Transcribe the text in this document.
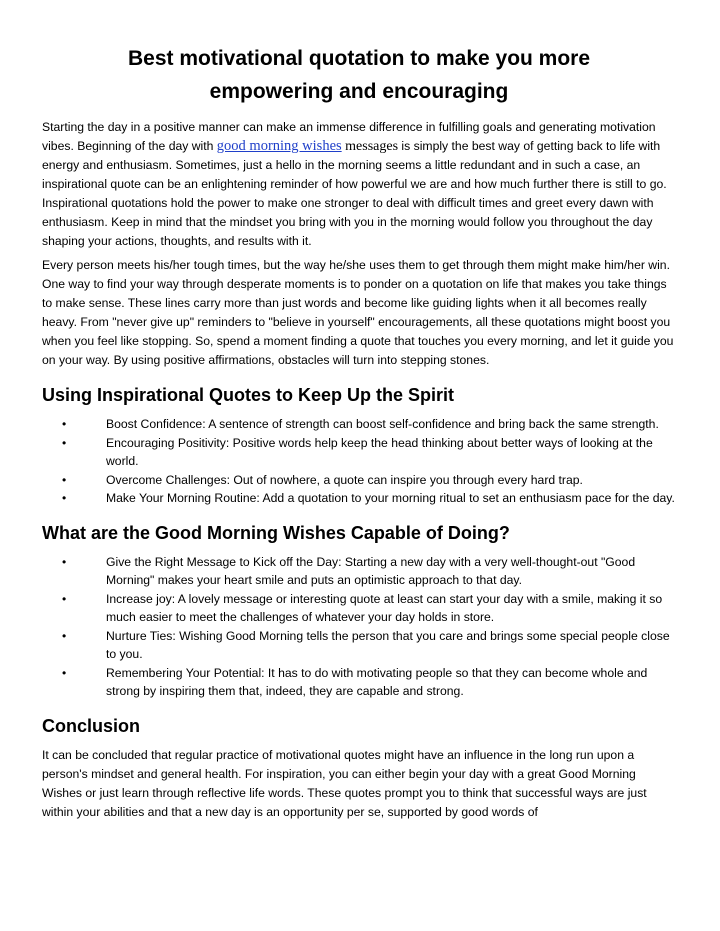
Best motivational quotation to make you more empowering and encouraging

Starting the day in a positive manner can make an immense difference in fulfilling goals and generating motivation vibes. Beginning of the day with good morning wishes messages is simply the best way of getting back to life with energy and enthusiasm. Sometimes, just a hello in the morning seems a little redundant and in such a case, an inspirational quote can be an enlightening reminder of how powerful we are and how much further there is still to go. Inspirational quotations hold the power to make one stronger to deal with difficult times and greet every dawn with enthusiasm. Keep in mind that the mindset you bring with you in the morning would follow you throughout the day shaping your actions, thoughts, and results with it.

Every person meets his/her tough times, but the way he/she uses them to get through them might make him/her win. One way to find your way through desperate moments is to ponder on a quotation on life that makes you take things to make sense. These lines carry more than just words and become like guiding lights when it all becomes really heavy. From "never give up" reminders to "believe in yourself" encouragements, all these quotations might boost you when you feel like stopping. So, spend a moment finding a quote that touches you every morning, and let it guide you on your way. By using positive affirmations, obstacles will turn into stepping stones.

Using Inspirational Quotes to Keep Up the Spirit
•	Boost Confidence: A sentence of strength can boost self-confidence and bring back the same strength.
•	Encouraging Positivity: Positive words help keep the head thinking about better ways of looking at the world.
•	Overcome Challenges: Out of nowhere, a quote can inspire you through every hard trap.
•	Make Your Morning Routine: Add a quotation to your morning ritual to set an enthusiasm pace for the day.
What are the Good Morning Wishes Capable of Doing?
•	Give the Right Message to Kick off the Day: Starting a new day with a very well-thought-out "Good Morning" makes your heart smile and puts an optimistic approach to that day.
•	Increase joy: A lovely message or interesting quote at least can start your day with a smile, making it so much easier to meet the challenges of whatever your day holds in store.
•	Nurture Ties: Wishing Good Morning tells the person that you care and brings some special people close to you.
•	Remembering Your Potential: It has to do with motivating people so that they can become whole and strong by inspiring them that, indeed, they are capable and strong.
Conclusion

It can be concluded that regular practice of motivational quotes might have an influence in the long run upon a person's mindset and general health. For inspiration, you can either begin your day with a great Good Morning Wishes or just learn through reflective life words. These quotes prompt you to think that successful ways are just within your abilities and that a new day is an opportunity per se, supported by good words of
